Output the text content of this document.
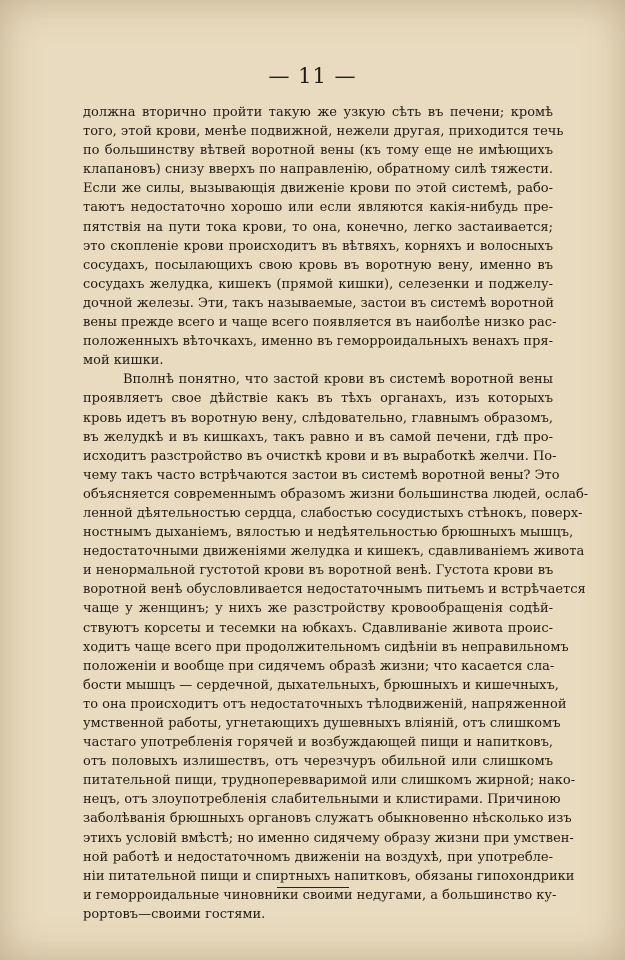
— 11 —
должна вторично пройти такую же узкую сѣть въ печени; кромѣ
того, этой крови, менѣе подвижной, нежели другая, приходится течь
по большинству вѣтвей воротной вены (къ тому еще не имѣющихъ
клапановъ) снизу вверхъ по направленію, обратному силѣ тяжести.
Если же силы, вызывающія движеніе крови по этой системѣ, рабо-
таютъ недостаточно хорошо или если являются какія-нибудь пре-
пятствія на пути тока крови, то она, конечно, легко застаивается;
это скопленіе крови происходитъ въ вѣтвяхъ, корняхъ и волосныхъ
сосудахъ, посылающихъ свою кровь въ воротную вену, именно въ
сосудахъ желудка, кишекъ (прямой кишки), селезенки и поджелу-
дочной железы. Эти, такъ называемые, застои въ системѣ воротной
вены прежде всего и чаще всего появляется въ наиболѣе низко рас-
положенныхъ вѣточкахъ, именно въ геморроидальныхъ венахъ пря-
мой кишки.
Вполнѣ понятно, что застой крови въ системѣ воротной вены
проявляетъ свое дѣйствіе какъ въ тѣхъ органахъ, изъ которыхъ
кровь идетъ въ воротную вену, слѣдовательно, главнымъ образомъ,
въ желудкѣ и въ кишкахъ, такъ равно и въ самой печени, гдѣ про-
исходитъ разстройство въ очисткѣ крови и въ выработкѣ желчи. По-
чему такъ часто встрѣчаются застои въ системѣ воротной вены? Это
объясняется современнымъ образомъ жизни большинства людей, ослаб-
ленной дѣятельностью сердца, слабостью сосудистыхъ стѣнокъ, поверх-
ностнымъ дыханіемъ, вялостью и недѣятельностью брюшныхъ мышцъ,
недостаточными движеніями желудка и кишекъ, сдавливаніемъ живота
и ненормальной густотой крови въ воротной венѣ. Густота крови въ
воротной венѣ обусловливается недостаточнымъ питьемъ и встрѣчается
чаще у женщинъ; у нихъ же разстройству кровообращенія содѣй-
ствуютъ корсеты и тесемки на юбкахъ. Сдавливаніе живота проис-
ходитъ чаще всего при продолжительномъ сидѣніи въ неправильномъ
положеніи и вообще при сидячемъ образѣ жизни; что касается сла-
бости мышцъ — сердечной, дыхательныхъ, брюшныхъ и кишечныхъ,
то она происходитъ отъ недостаточныхъ тѣлодвиженій, напряженной
умственной работы, угнетающихъ душевныхъ вліяній, отъ слишкомъ
частаго употребленія горячей и возбуждающей пищи и напитковъ,
отъ половыхъ излишествъ, отъ черезчуръ обильной или слишкомъ
питательной пищи, трудноперевваримой или слишкомъ жирной; нако-
нецъ, отъ злоупотребленія слабительными и клистирами. Причиною
заболѣванія брюшныхъ органовъ служатъ обыкновенно нѣсколько изъ
этихъ условій вмѣстѣ; но именно сидячему образу жизни при умствен-
ной работѣ и недостаточномъ движеніи на воздухѣ, при употребле-
ніи питательной пищи и спиртныхъ напитковъ, обязаны гипохондрики
и геморроидальные чиновники своими недугами, а большинство ку-
рортовъ—своими гостями.
